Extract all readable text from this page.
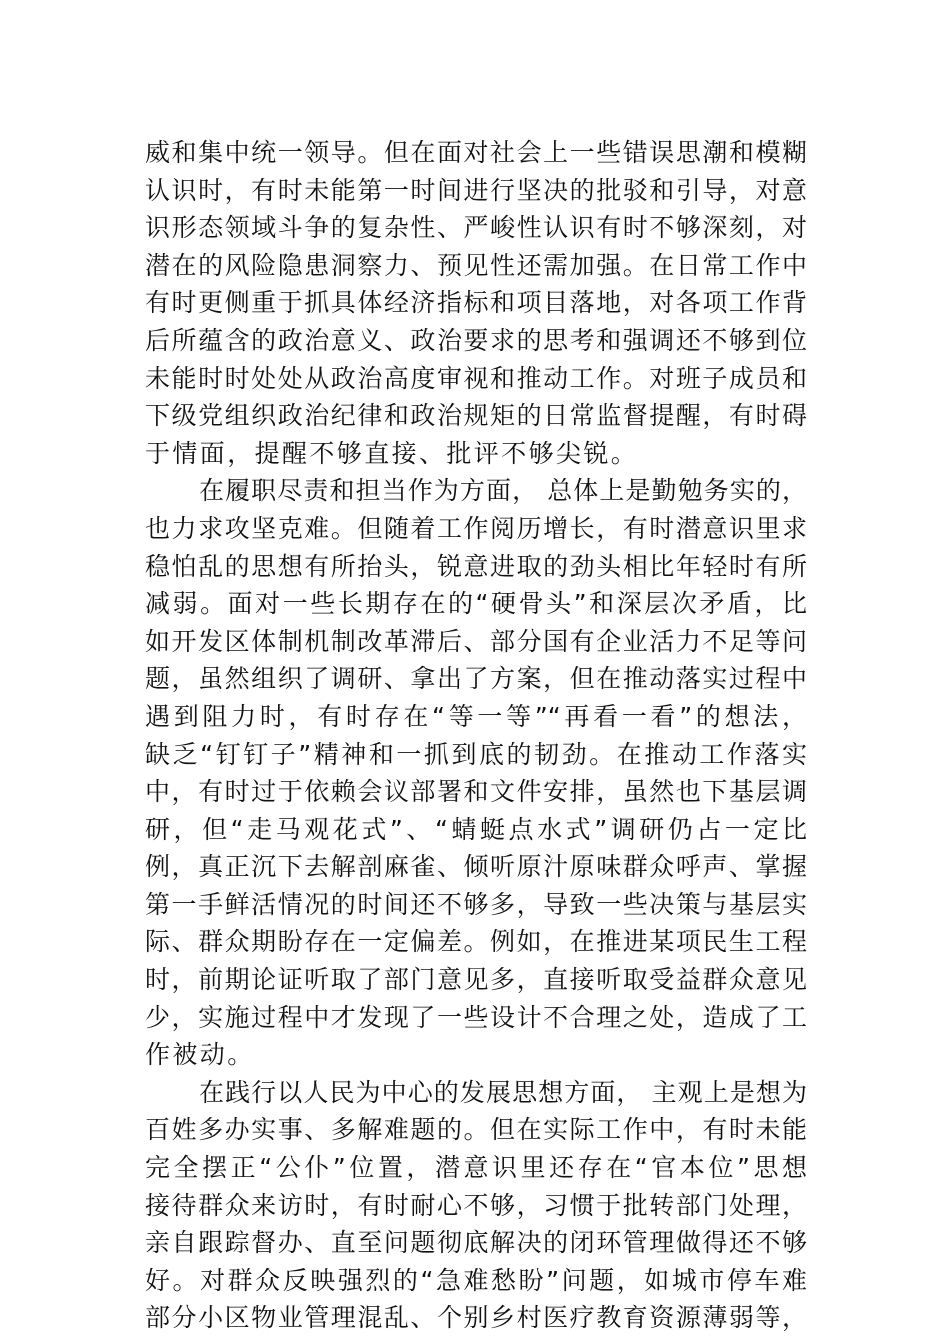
威和集中统一领导。但在面对社会上一些错误思潮和模糊
认识时，有时未能第一时间进行坚决的批驳和引导，对意
识形态领域斗争的复杂性、严峻性认识有时不够深刻，对
潜在的风险隐患洞察力、预见性还需加强。在日常工作中
有时更侧重于抓具体经济指标和项目落地，对各项工作背
后所蕴含的政治意义、政治要求的思考和强调还不够到位
未能时时处处从政治高度审视和推动工作。对班子成员和
下级党组织政治纪律和政治规矩的日常监督提醒，有时碍
于情面，提醒不够直接、批评不够尖锐。
在履职尽责和担当作为方面， 总体上是勤勉务实的，
也力求攻坚克难。但随着工作阅历增长，有时潜意识里求
稳怕乱的思想有所抬头，锐意进取的劲头相比年轻时有所
减弱。面对一些长期存在的“硬骨头”和深层次矛盾，比
如开发区体制机制改革滞后、部分国有企业活力不足等问
题，虽然组织了调研、拿出了方案，但在推动落实过程中
遇到阻力时，有时存在“等一等”“再看一看”的想法，
缺乏“钉钉子”精神和一抓到底的韧劲。在推动工作落实
中，有时过于依赖会议部署和文件安排，虽然也下基层调
研，但“走马观花式”、“蜻蜓点水式”调研仍占一定比
例，真正沉下去解剖麻雀、倾听原汁原味群众呼声、掌握
第一手鲜活情况的时间还不够多，导致一些决策与基层实
际、群众期盼存在一定偏差。例如，在推进某项民生工程
时，前期论证听取了部门意见多，直接听取受益群众意见
少，实施过程中才发现了一些设计不合理之处，造成了工
作被动。
在践行以人民为中心的发展思想方面， 主观上是想为
百姓多办实事、多解难题的。但在实际工作中，有时未能
完全摆正“公仆”位置，潜意识里还存在“官本位”思想
接待群众来访时，有时耐心不够，习惯于批转部门处理，
亲自跟踪督办、直至问题彻底解决的闭环管理做得还不够
好。对群众反映强烈的“急难愁盼”问题，如城市停车难
部分小区物业管理混乱、个别乡村医疗教育资源薄弱等，
